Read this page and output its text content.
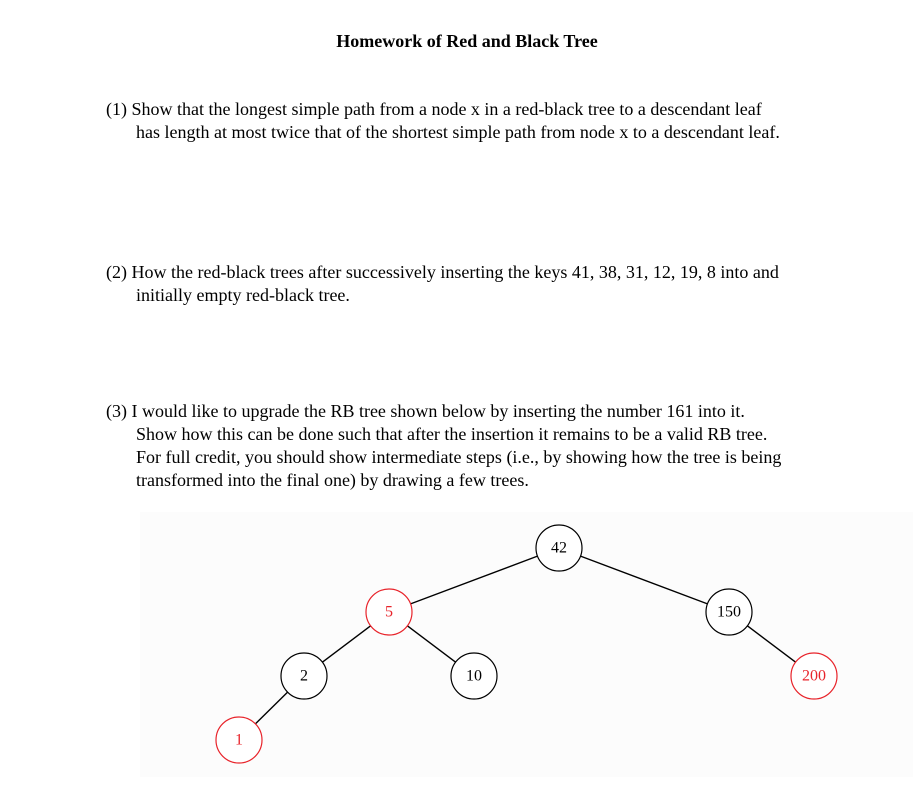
Homework of Red and Black Tree
(1) Show that the longest simple path from a node x in a red-black tree to a descendant leaf
has length at most twice that of the shortest simple path from node x to a descendant leaf.
(2) How the red-black trees after successively inserting the keys 41, 38, 31, 12, 19, 8 into and
initially empty red-black tree.
(3) I would like to upgrade the RB tree shown below by inserting the number 161 into it.
Show how this can be done such that after the insertion it remains to be a valid RB tree.
For full credit, you should show intermediate steps (i.e., by showing how the tree is being
transformed into the final one) by drawing a few trees.
42
5	150
2	10	200
1
